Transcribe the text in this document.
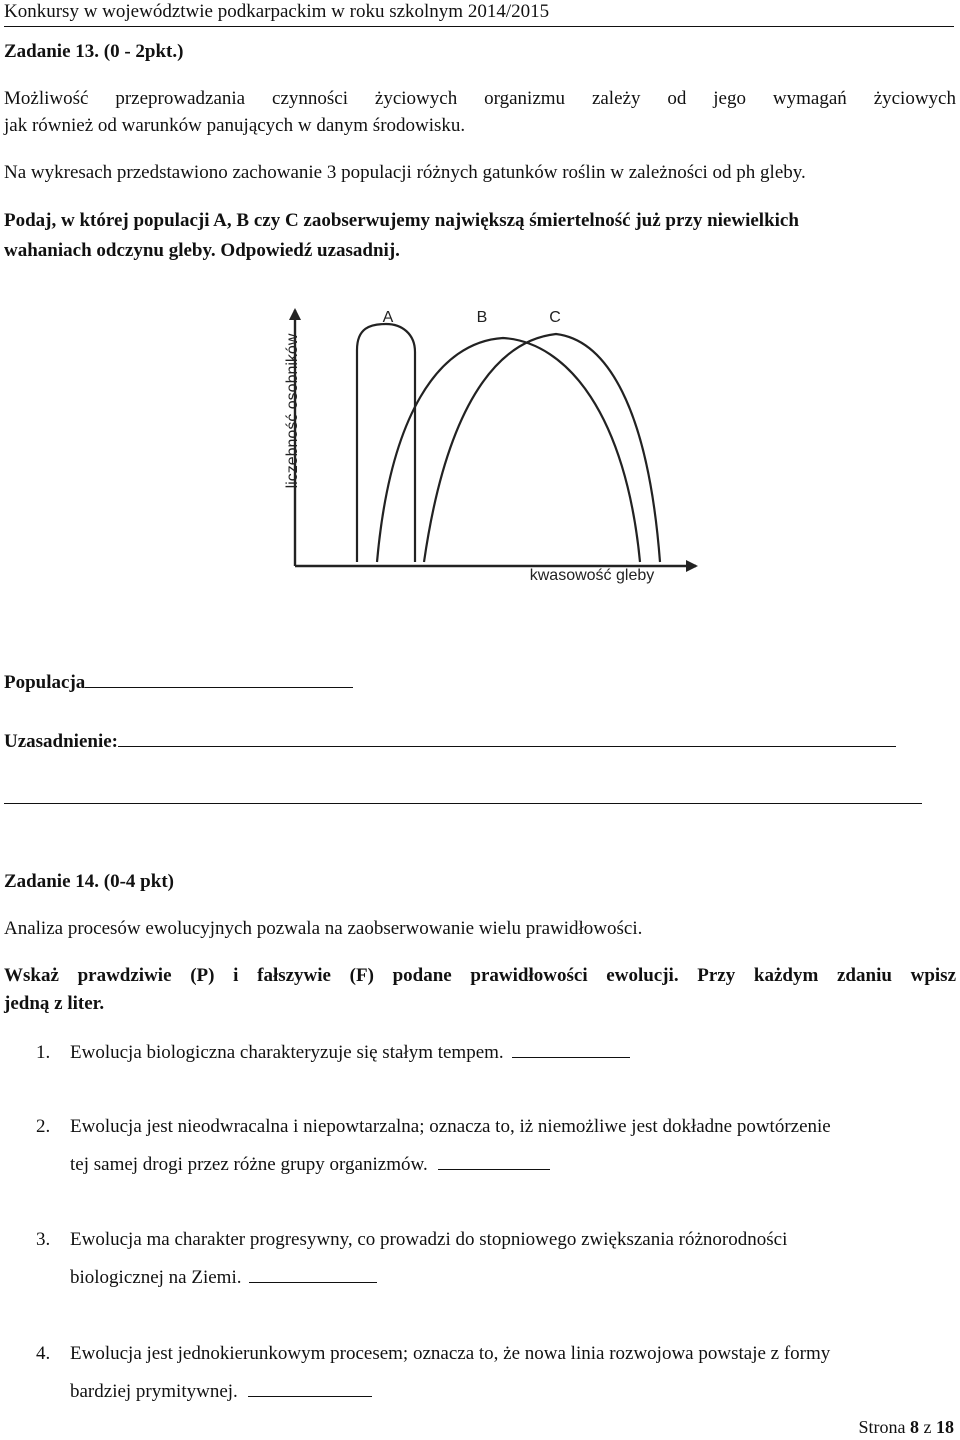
Konkursy w województwie podkarpackim w roku szkolnym 2014/2015
Zadanie 13. (0 - 2pkt.)
Możliwość przeprowadzania czynności życiowych organizmu zależy od jego wymagań życiowych
jak również od warunków panujących w danym środowisku.
Na wykresach przedstawiono zachowanie 3 populacji różnych gatunków roślin w zależności od ph gleby.
Podaj, w której populacji A, B czy C zaobserwujemy największą śmiertelność już przy niewielkich
wahaniach odczynu gleby. Odpowiedź uzasadnij.
A	B	C
liczebność osobników
kwasowość gleby
Populacja
Uzasadnienie:
Zadanie 14. (0-4 pkt)
Analiza procesów ewolucyjnych pozwala na zaobserwowanie wielu prawidłowości.
Wskaż prawdziwie (P) i fałszywie (F) podane prawidłowości ewolucji. Przy każdym zdaniu wpisz
jedną z liter.
1. Ewolucja biologiczna charakteryzuje się stałym tempem.
2. Ewolucja jest nieodwracalna i niepowtarzalna; oznacza to, iż niemożliwe jest dokładne powtórzenie
tej samej drogi przez różne grupy organizmów.
3. Ewolucja ma charakter progresywny, co prowadzi do stopniowego zwiększania różnorodności
biologicznej na Ziemi.
4. Ewolucja jest jednokierunkowym procesem; oznacza to, że nowa linia rozwojowa powstaje z formy
bardziej prymitywnej.
Strona 8 z 18
